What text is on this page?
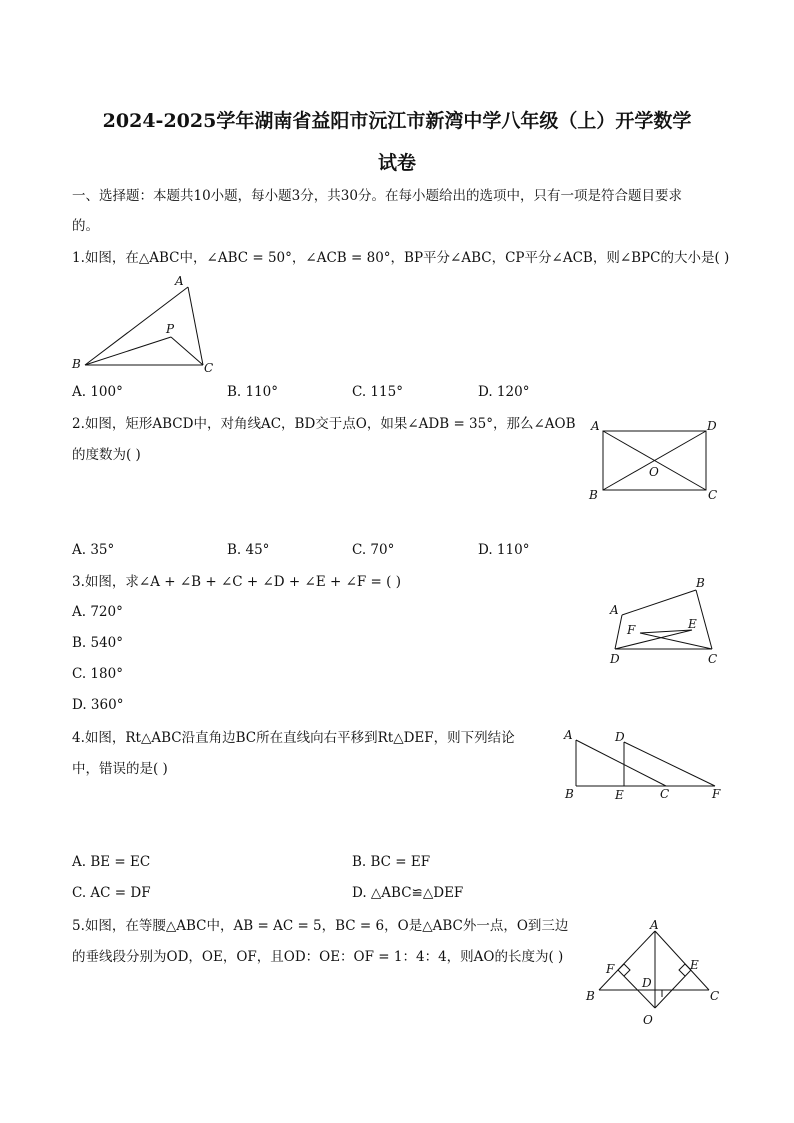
2024-2025学年湖南省益阳市沅江市新湾中学八年级（上）开学数学
试卷
一、选择题：本题共10小题，每小题3分，共30分。在每小题给出的选项中，只有一项是符合题目要求
的。
1.如图，在△ABC中，∠ABC = 50°，∠ACB = 80°，BP平分∠ABC，CP平分∠ACB，则∠BPC的大小是( )
A
B	C
P
A. 100°	B. 110°	C. 115°	D. 120°
2.如图，矩形ABCD中，对角线AC，BD交于点O，如果∠ADB = 35°，那么∠AOB
的度数为( )
A	D
B	C
O
A. 35°	B. 45°	C. 70°	D. 110°
3.如图，求∠A + ∠B + ∠C + ∠D + ∠E + ∠F = ( )
A
B
C
D
E
F
A. 720°
B. 540°
C. 180°
D. 360°
4.如图，Rt△ABC沿直角边BC所在直线向右平移到Rt△DEF，则下列结论
中，错误的是( )
A	D
B	E	C	F
A. BE = EC	B. BC = EF
C. AC = DF	D. △ABC≌△DEF
5.如图，在等腰△ABC中，AB = AC = 5，BC = 6，O是△ABC外一点，O到三边
的垂线段分别为OD，OE，OF，且OD：OE：OF = 1：4：4，则AO的长度为( )
A
B	C
D
E
F
O
